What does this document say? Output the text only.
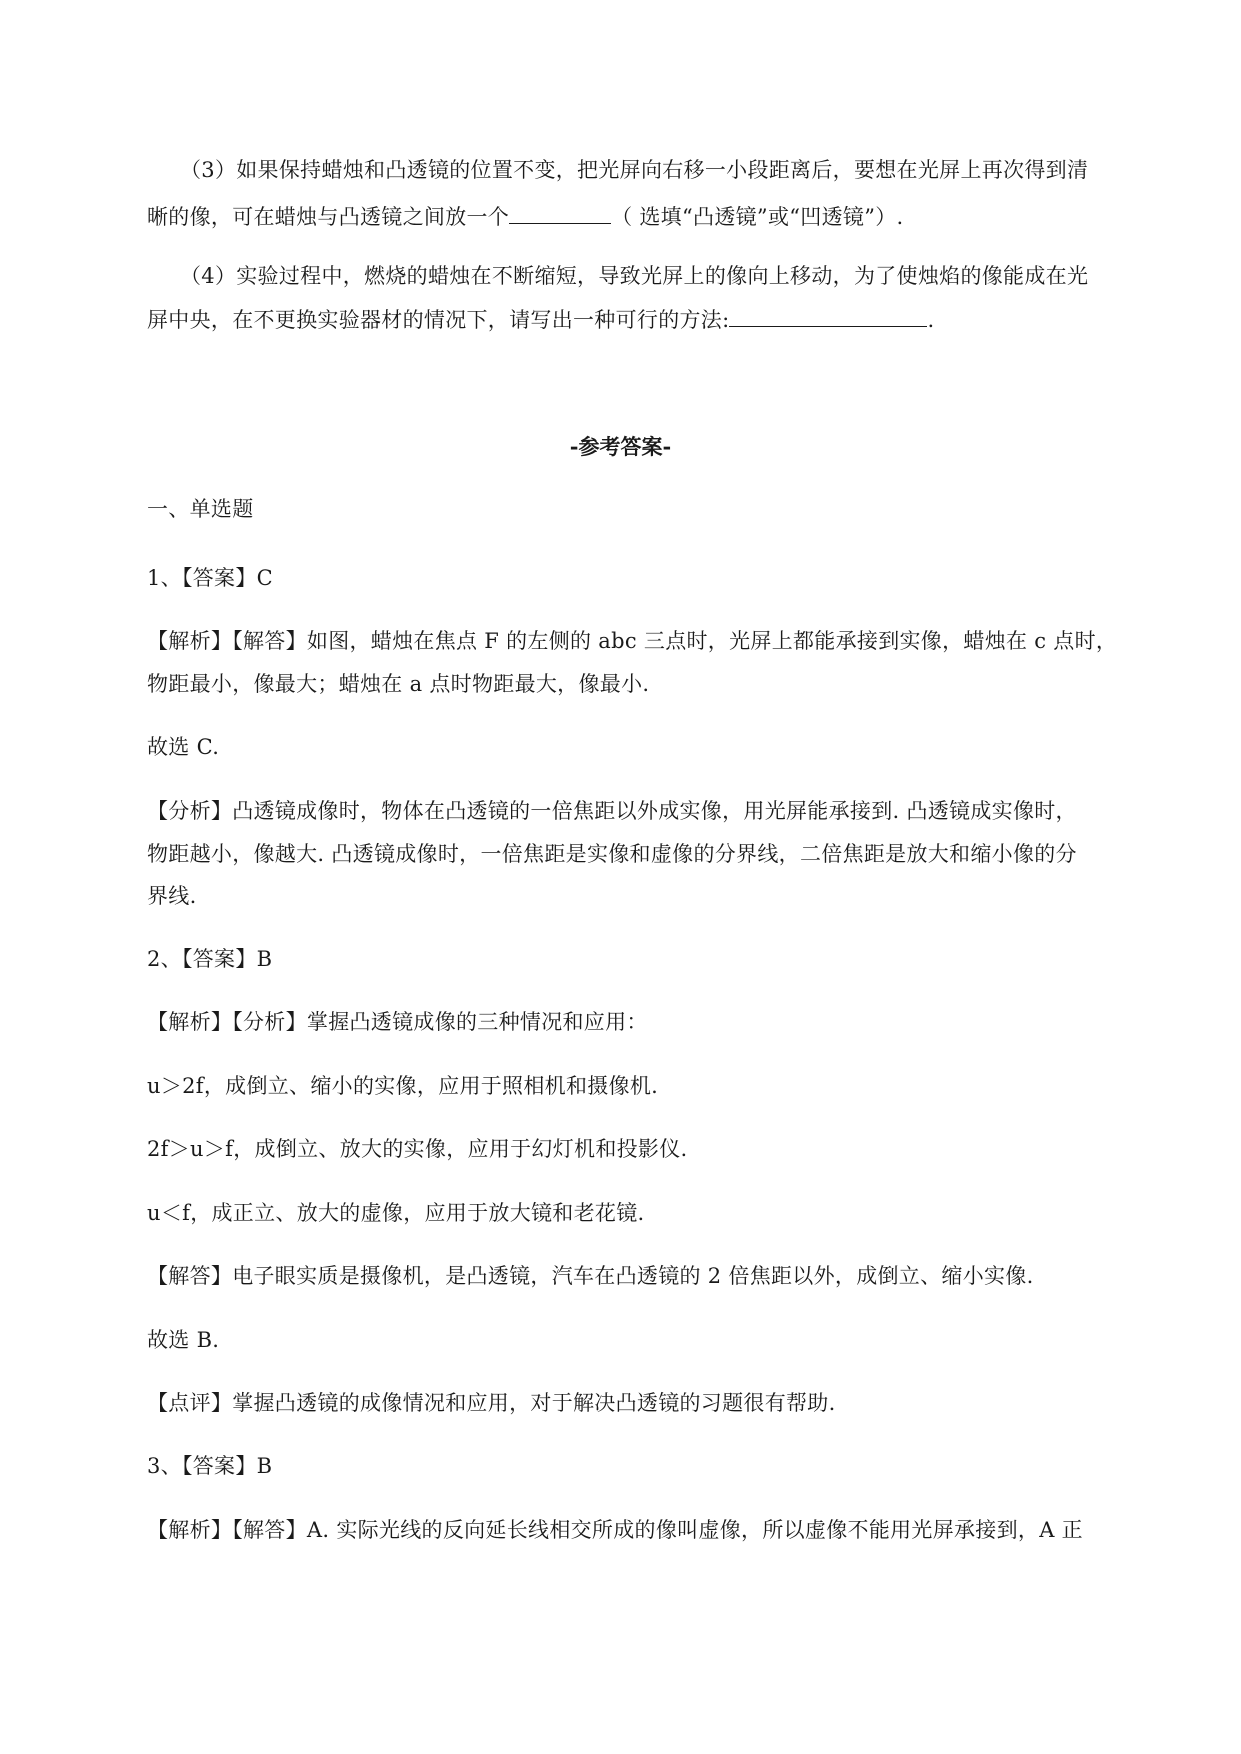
（3）如果保持蜡烛和凸透镜的位置不变，把光屏向右移一小段距离后，要想在光屏上再次得到清
晰的像，可在蜡烛与凸透镜之间放一个	（ 选填“凸透镜”或“凹透镜”）.
（4）实验过程中，燃烧的蜡烛在不断缩短，导致光屏上的像向上移动，为了使烛焰的像能成在光
屏中央，在不更换实验器材的情况下，请写出一种可行的方法:	.
-参考答案-
一、单选题
1、【答案】C
【解析】【解答】如图，蜡烛在焦点 F 的左侧的 abc 三点时，光屏上都能承接到实像，蜡烛在 c 点时，
物距最小，像最大；蜡烛在 a 点时物距最大，像最小.
故选 C.
【分析】凸透镜成像时，物体在凸透镜的一倍焦距以外成实像，用光屏能承接到. 凸透镜成实像时，
物距越小，像越大. 凸透镜成像时，一倍焦距是实像和虚像的分界线，二倍焦距是放大和缩小像的分
界线.
2、【答案】B
【解析】【分析】掌握凸透镜成像的三种情况和应用：
u＞2f，成倒立、缩小的实像，应用于照相机和摄像机.
2f＞u＞f，成倒立、放大的实像，应用于幻灯机和投影仪.
u＜f，成正立、放大的虚像，应用于放大镜和老花镜.
【解答】电子眼实质是摄像机，是凸透镜，汽车在凸透镜的 2 倍焦距以外，成倒立、缩小实像.
故选 B.
【点评】掌握凸透镜的成像情况和应用，对于解决凸透镜的习题很有帮助.
3、【答案】B
【解析】【解答】A. 实际光线的反向延长线相交所成的像叫虚像，所以虚像不能用光屏承接到，A 正
